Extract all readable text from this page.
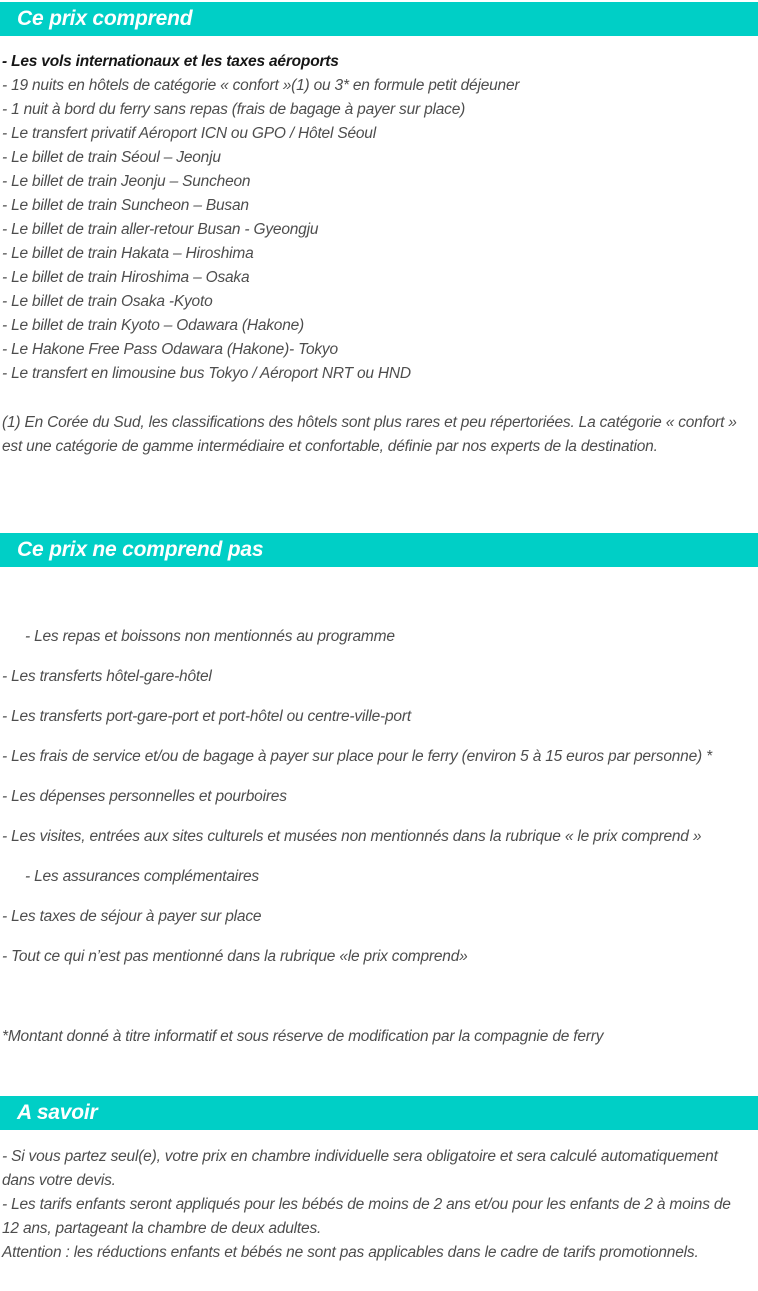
Ce prix comprend
- Les vols internationaux et les taxes aéroports
- 19 nuits en hôtels de catégorie « confort »(1) ou 3* en formule petit déjeuner
- 1 nuit à bord du ferry sans repas (frais de bagage à payer sur place)
- Le transfert privatif Aéroport ICN ou GPO / Hôtel Séoul
- Le billet de train Séoul – Jeonju
- Le billet de train Jeonju – Suncheon
- Le billet de train Suncheon – Busan
- Le billet de train aller-retour Busan - Gyeongju
- Le billet de train Hakata – Hiroshima
- Le billet de train Hiroshima – Osaka
- Le billet de train Osaka -Kyoto
- Le billet de train Kyoto – Odawara (Hakone)
- Le Hakone Free Pass Odawara (Hakone)- Tokyo
- Le transfert en limousine bus Tokyo / Aéroport NRT ou HND

(1) En Corée du Sud, les classifications des hôtels sont plus rares et peu répertoriées. La catégorie « confort » est une catégorie de gamme intermédiaire et confortable, définie par nos experts de la destination.

Ce prix ne comprend pas
- Les repas et boissons non mentionnés au programme
- Les transferts hôtel-gare-hôtel
- Les transferts port-gare-port et port-hôtel ou centre-ville-port
- Les frais de service et/ou de bagage à payer sur place pour le ferry (environ 5 à 15 euros par personne) *
- Les dépenses personnelles et pourboires
- Les visites, entrées aux sites culturels et musées non mentionnés dans la rubrique « le prix comprend »
- Les assurances complémentaires
- Les taxes de séjour à payer sur place
- Tout ce qui n’est pas mentionné dans la rubrique «le prix comprend»

*Montant donné à titre informatif et sous réserve de modification par la compagnie de ferry

A savoir

- Si vous partez seul(e), votre prix en chambre individuelle sera obligatoire et sera calculé automatiquement dans votre devis.

- Les tarifs enfants seront appliqués pour les bébés de moins de 2 ans et/ou pour les enfants de 2 à moins de 12 ans, partageant la chambre de deux adultes.

Attention : les réductions enfants et bébés ne sont pas applicables dans le cadre de tarifs promotionnels.
